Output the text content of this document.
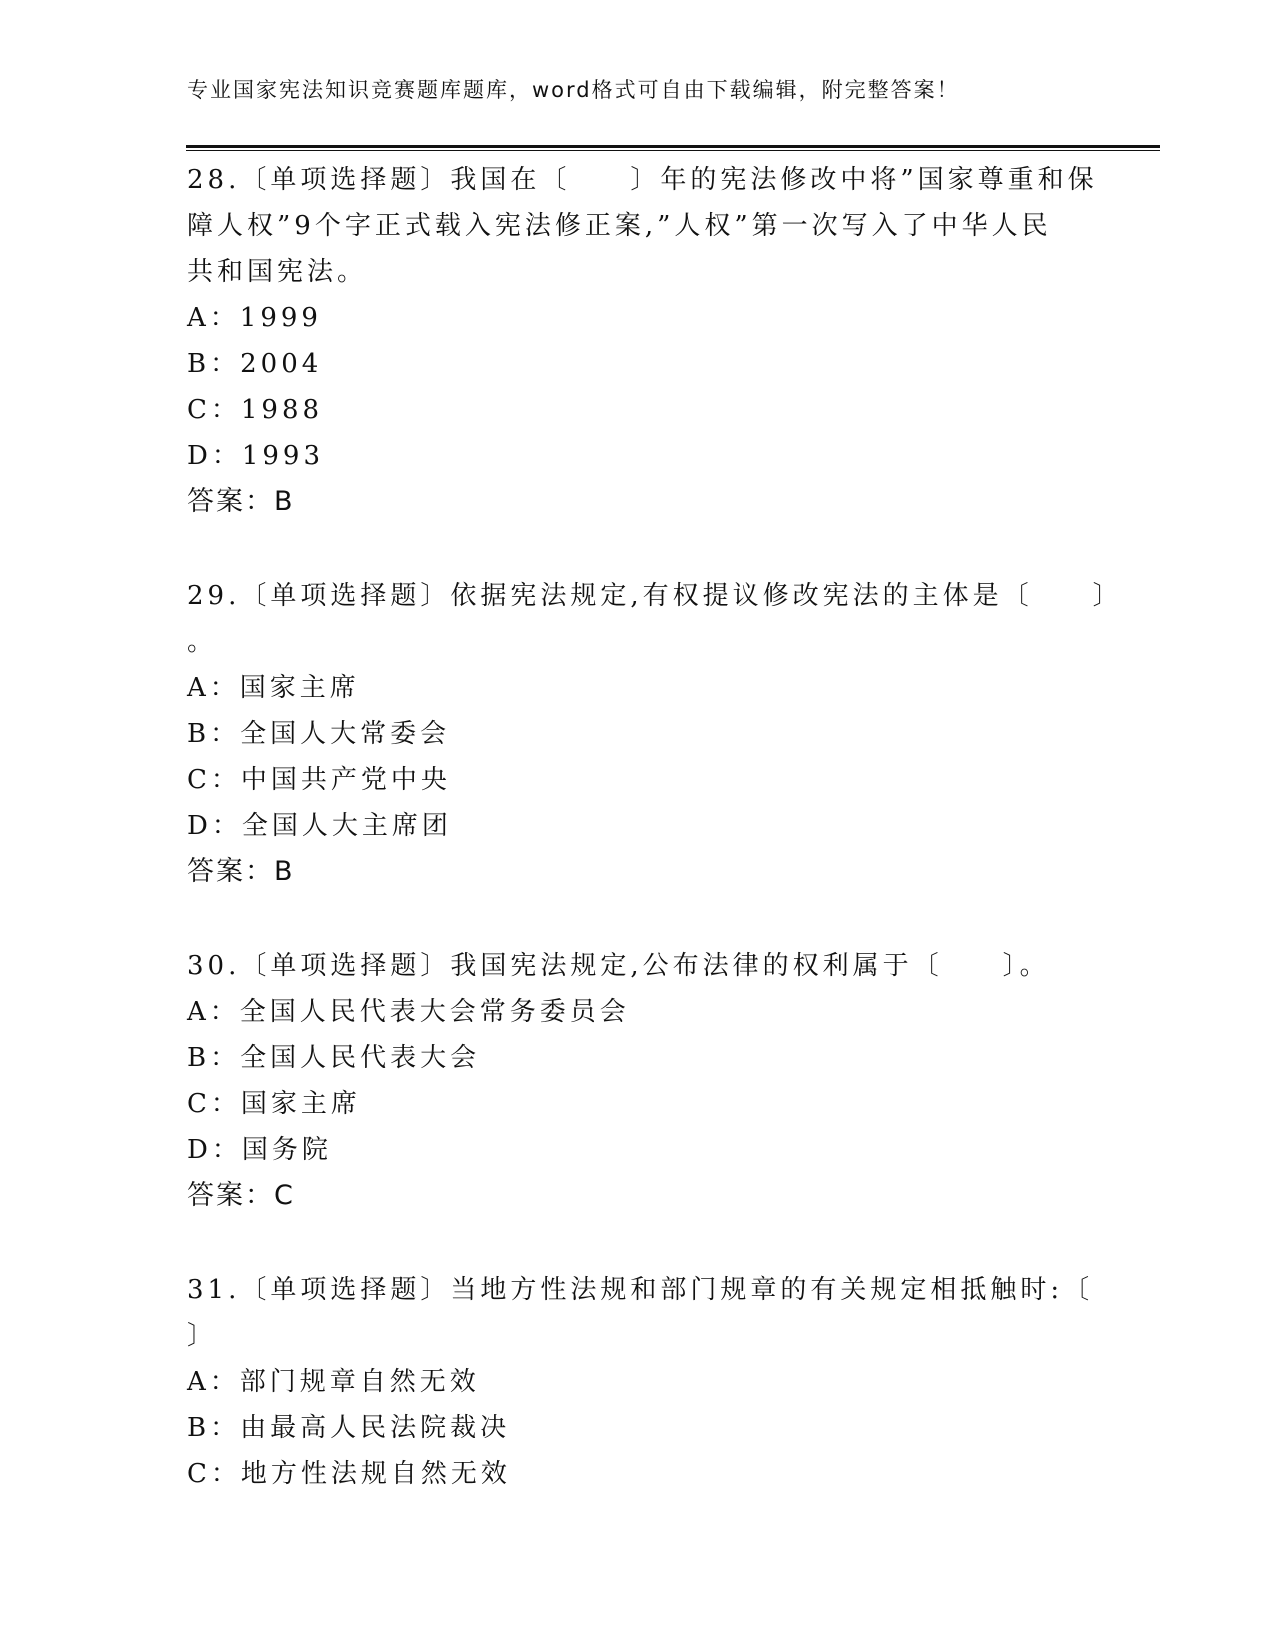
专业国家宪法知识竞赛题库题库，word格式可自由下载编辑，附完整答案！
28.〔单项选择题〕我国在〔　　〕年的宪法修改中将”国家尊重和保
障人权”9个字正式载入宪法修正案,”人权”第一次写入了中华人民
共和国宪法。
A：1999
B：2004
C：1988
D：1993
答案：B
29.〔单项选择题〕依据宪法规定,有权提议修改宪法的主体是〔　　〕
。
A：国家主席
B：全国人大常委会
C：中国共产党中央
D：全国人大主席团
答案：B
30.〔单项选择题〕我国宪法规定,公布法律的权利属于〔　　〕。
A：全国人民代表大会常务委员会
B：全国人民代表大会
C：国家主席
D：国务院
答案：C
31.〔单项选择题〕当地方性法规和部门规章的有关规定相抵触时:〔
〕
A：部门规章自然无效
B：由最高人民法院裁决
C：地方性法规自然无效
